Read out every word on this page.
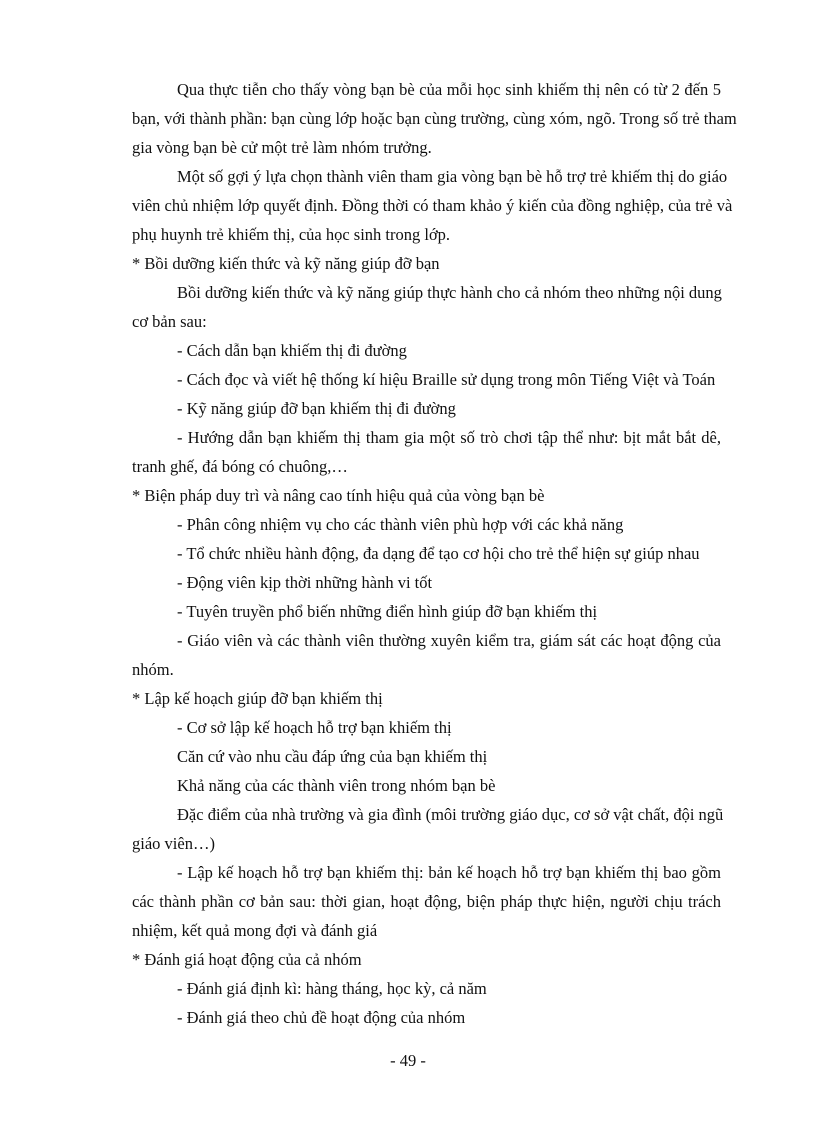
Qua thực tiễn cho thấy vòng bạn bè của mỗi học sinh khiếm thị nên có từ 2 đến 5
bạn, với thành phần: bạn cùng lớp hoặc bạn cùng trường, cùng xóm, ngõ. Trong số trẻ tham
gia vòng bạn bè cử một trẻ làm nhóm trưởng.
Một số gợi ý lựa chọn thành viên tham gia vòng bạn bè hỗ trợ trẻ khiếm thị do giáo
viên chủ nhiệm lớp quyết định. Đồng thời có tham khảo ý kiến của đồng nghiệp, của trẻ và
phụ huynh trẻ khiếm thị, của học sinh trong lớp.
* Bồi dưỡng kiến thức và kỹ năng giúp đỡ bạn
Bồi dưỡng kiến thức và kỹ năng giúp thực hành cho cả nhóm theo những nội dung
cơ bản sau:
- Cách dẫn bạn khiếm thị đi đường
- Cách đọc và viết hệ thống kí hiệu Braille sử dụng trong môn Tiếng Việt và Toán
- Kỹ năng giúp đỡ bạn khiếm thị đi đường
- Hướng dẫn bạn khiếm thị tham gia một số trò chơi tập thể như: bịt mắt bắt dê,
tranh ghế, đá bóng có chuông,…
* Biện pháp duy trì và nâng cao tính hiệu quả của vòng bạn bè
- Phân công nhiệm vụ cho các thành viên phù hợp với các khả năng
- Tổ chức nhiều hành động, đa dạng để tạo cơ hội cho trẻ thể hiện sự giúp nhau
- Động viên kịp thời những hành vi tốt
- Tuyên truyền phổ biến những điển hình giúp đỡ bạn khiếm thị
- Giáo viên và các thành viên thường xuyên kiểm tra, giám sát các hoạt động của
nhóm.
* Lập kế hoạch giúp đỡ bạn khiếm thị
- Cơ sở lập kế hoạch hỗ trợ bạn khiếm thị
Căn cứ vào nhu cầu đáp ứng của bạn khiếm thị
Khả năng của các thành viên trong nhóm bạn bè
Đặc điểm của nhà trường và gia đình (môi trường giáo dục, cơ sở vật chất, đội ngũ
giáo viên…)
- Lập kế hoạch hỗ trợ bạn khiếm thị: bản kế hoạch hỗ trợ bạn khiếm thị bao gồm
các thành phần cơ bản sau: thời gian, hoạt động, biện pháp thực hiện, người chịu trách
nhiệm, kết quả mong đợi và đánh giá
* Đánh giá hoạt động của cả nhóm
- Đánh giá định kì: hàng tháng, học kỳ, cả năm
- Đánh giá theo chủ đề hoạt động của nhóm
- 49 -
